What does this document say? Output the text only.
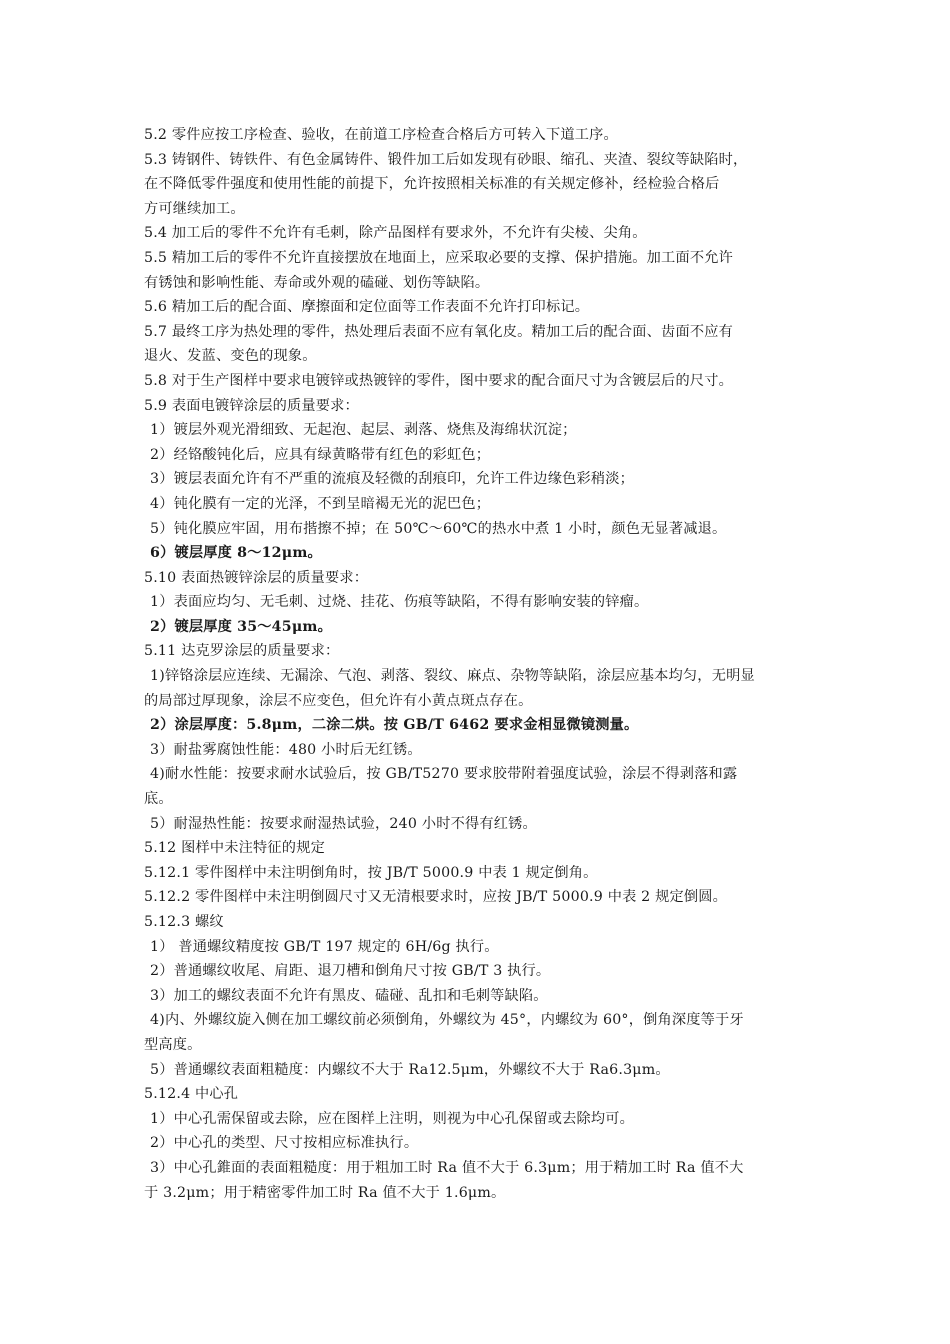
5.2 零件应按工序检查、验收，在前道工序检查合格后方可转入下道工序。
5.3 铸钢件、铸铁件、有色金属铸件、锻件加工后如发现有砂眼、缩孔、夹渣、裂纹等缺陷时，
在不降低零件强度和使用性能的前提下，允许按照相关标准的有关规定修补，经检验合格后
方可继续加工。
5.4 加工后的零件不允许有毛刺，除产品图样有要求外，不允许有尖棱、尖角。
5.5 精加工后的零件不允许直接摆放在地面上，应采取必要的支撑、保护措施。加工面不允许
有锈蚀和影响性能、寿命或外观的磕碰、划伤等缺陷。
5.6 精加工后的配合面、摩擦面和定位面等工作表面不允许打印标记。
5.7 最终工序为热处理的零件，热处理后表面不应有氧化皮。精加工后的配合面、齿面不应有
退火、发蓝、变色的现象。
5.8 对于生产图样中要求电镀锌或热镀锌的零件，图中要求的配合面尺寸为含镀层后的尺寸。
5.9 表面电镀锌涂层的质量要求：
1）镀层外观光滑细致、无起泡、起层、剥落、烧焦及海绵状沉淀；
2）经铬酸钝化后，应具有绿黄略带有红色的彩虹色；
3）镀层表面允许有不严重的流痕及轻微的刮痕印，允许工件边缘色彩稍淡；
4）钝化膜有一定的光泽，不到呈暗褐无光的泥巴色；
5）钝化膜应牢固，用布揩擦不掉；在 50℃～60℃的热水中煮 1 小时，颜色无显著减退。
6）镀层厚度 8～12μm。
5.10 表面热镀锌涂层的质量要求：
1）表面应均匀、无毛刺、过烧、挂花、伤痕等缺陷，不得有影响安装的锌瘤。
2）镀层厚度 35～45μm。
5.11 达克罗涂层的质量要求：
1)锌铬涂层应连续、无漏涂、气泡、剥落、裂纹、麻点、杂物等缺陷，涂层应基本均匀，无明显
的局部过厚现象，涂层不应变色，但允许有小黄点斑点存在。
2）涂层厚度：5.8μm，二涂二烘。按 GB/T 6462 要求金相显微镜测量。
3）耐盐雾腐蚀性能：480 小时后无红锈。
4)耐水性能：按要求耐水试验后，按 GB/T5270 要求胶带附着强度试验，涂层不得剥落和露
底。
5）耐湿热性能：按要求耐湿热试验，240 小时不得有红锈。
5.12 图样中未注特征的规定
5.12.1 零件图样中未注明倒角时，按 JB/T 5000.9 中表 1 规定倒角。
5.12.2 零件图样中未注明倒圆尺寸又无清根要求时，应按 JB/T 5000.9 中表 2 规定倒圆。
5.12.3 螺纹
1） 普通螺纹精度按 GB/T 197 规定的 6H/6g 执行。
2）普通螺纹收尾、肩距、退刀槽和倒角尺寸按 GB/T 3 执行。
3）加工的螺纹表面不允许有黑皮、磕碰、乱扣和毛刺等缺陷。
4)内、外螺纹旋入侧在加工螺纹前必须倒角，外螺纹为 45°，内螺纹为 60°，倒角深度等于牙
型高度。
5）普通螺纹表面粗糙度：内螺纹不大于 Ra12.5μm，外螺纹不大于 Ra6.3μm。
5.12.4 中心孔
1）中心孔需保留或去除，应在图样上注明，则视为中心孔保留或去除均可。
2）中心孔的类型、尺寸按相应标准执行。
3）中心孔錐面的表面粗糙度：用于粗加工时 Ra 值不大于 6.3μm；用于精加工时 Ra 值不大
于 3.2μm；用于精密零件加工时 Ra 值不大于 1.6μm。
